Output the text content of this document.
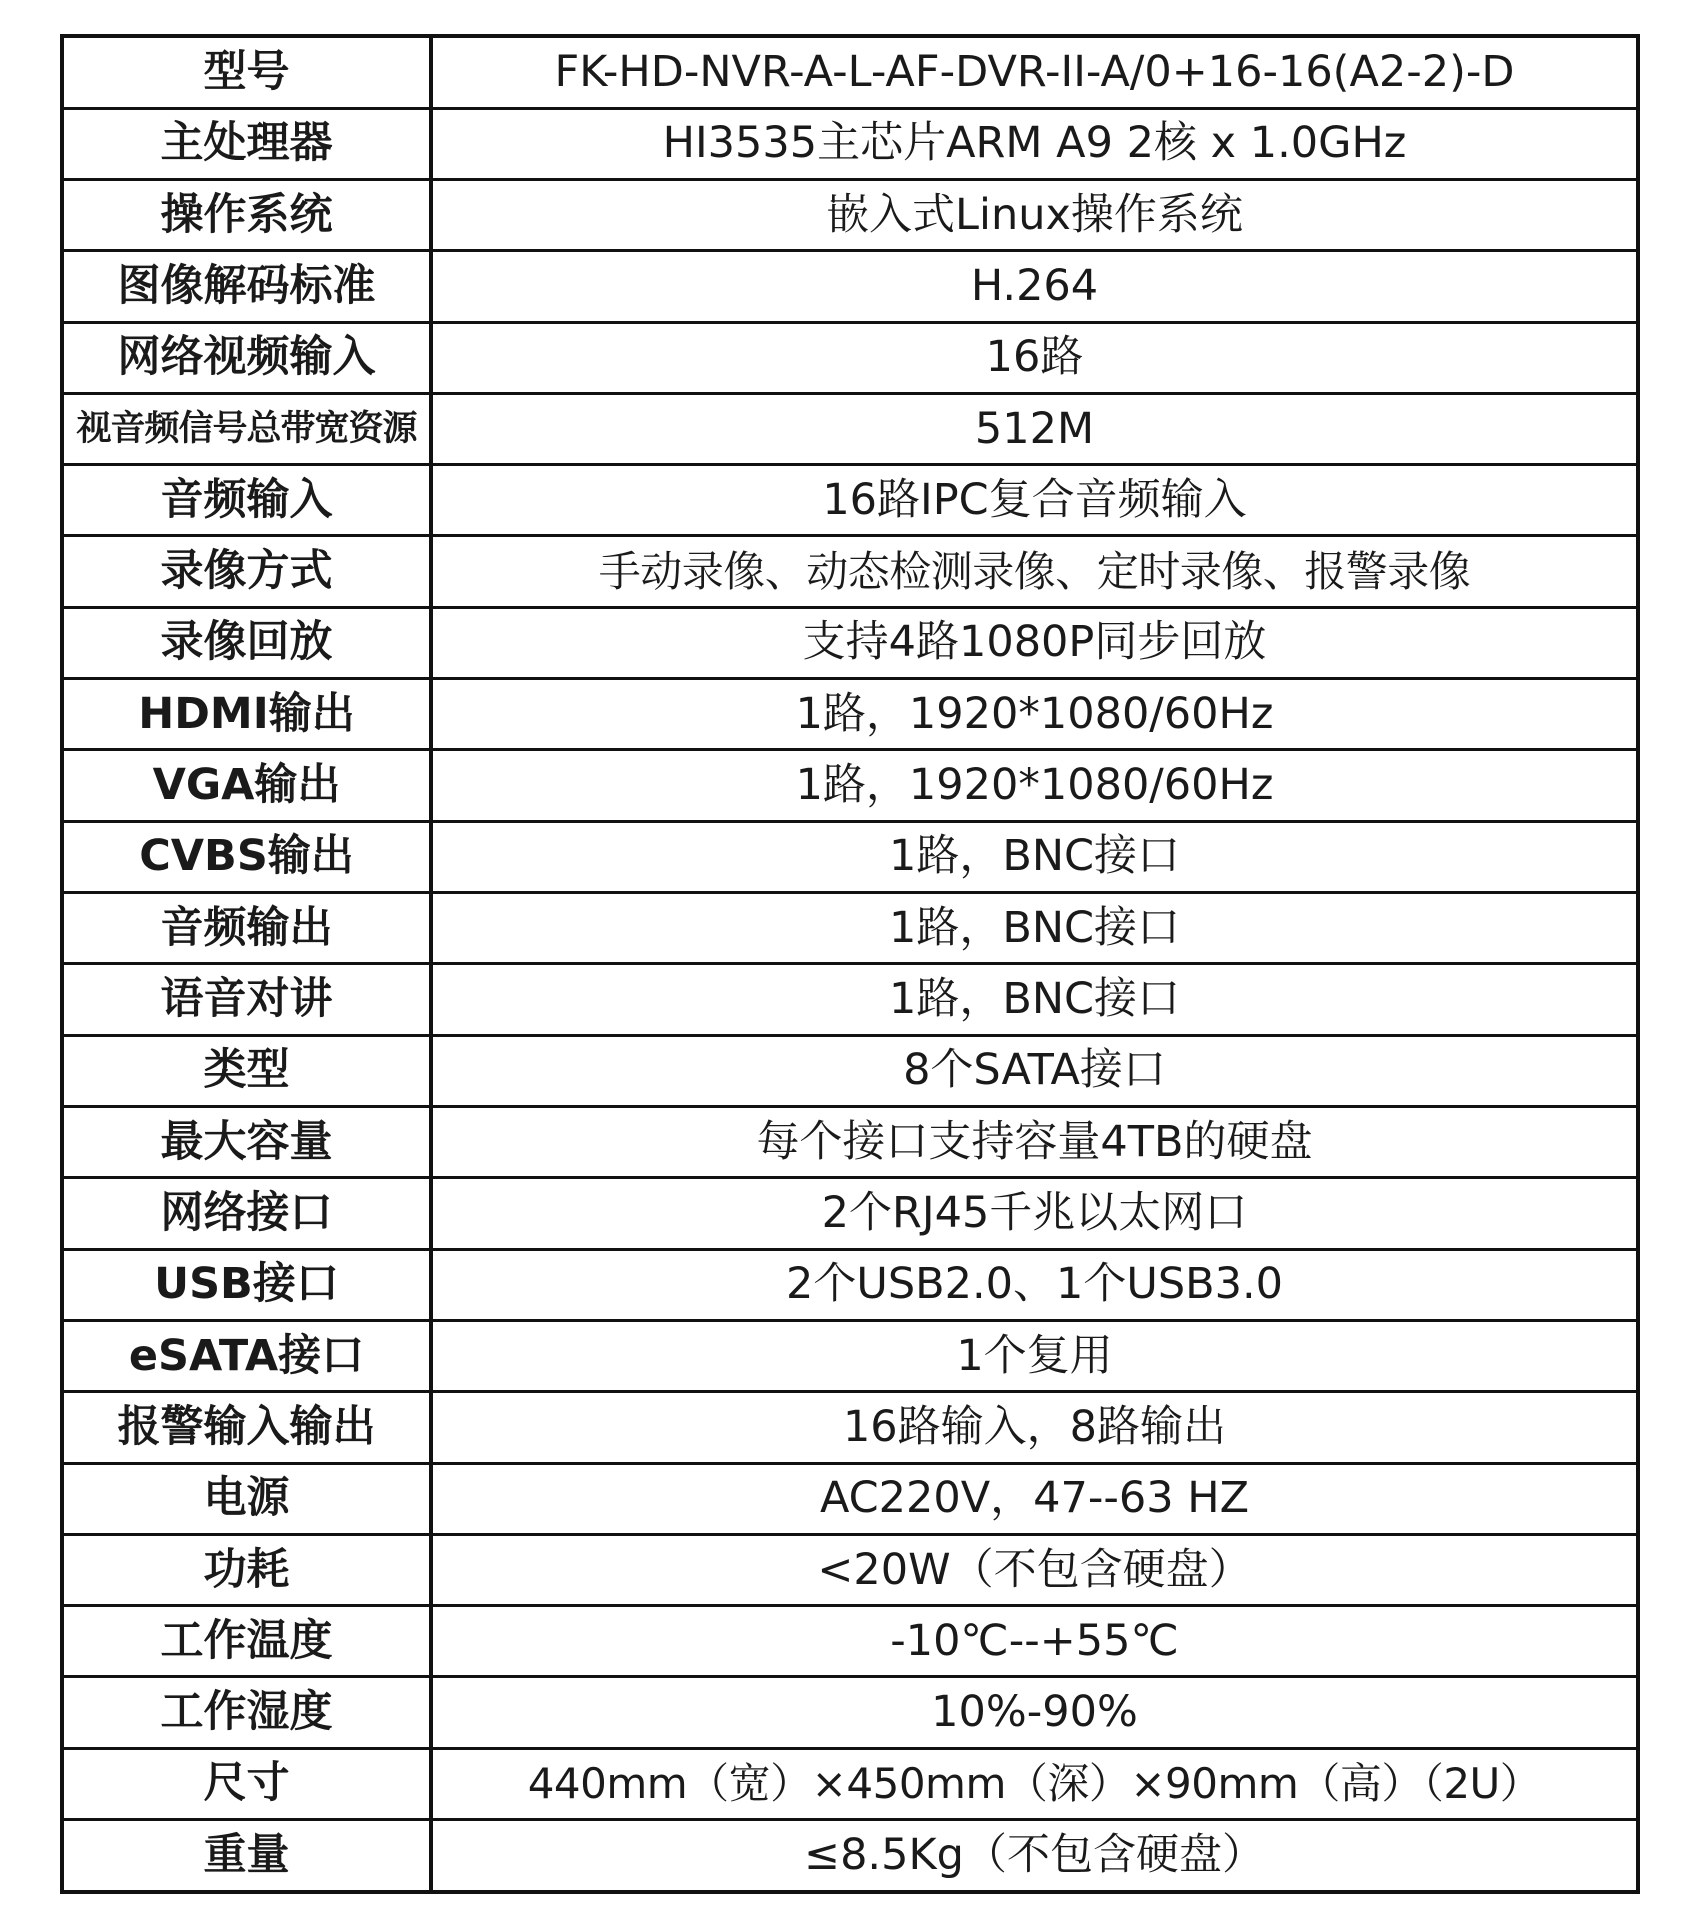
型号	FK-HD-NVR-A-L-AF-DVR-II-A/0+16-16(A2-2)-D
主处理器	HI3535主芯片ARM A9 2核 x 1.0GHz
操作系统	嵌入式Linux操作系统
图像解码标准	H.264
网络视频输入	16路
视音频信号总带宽资源	512M
音频输入	16路IPC复合音频输入
录像方式	手动录像、动态检测录像、定时录像、报警录像
录像回放	支持4路1080P同步回放
HDMI输出	1路，1920*1080/60Hz
VGA输出	1路，1920*1080/60Hz
CVBS输出	1路，BNC接口
音频输出	1路，BNC接口
语音对讲	1路，BNC接口
类型	8个SATA接口
最大容量	每个接口支持容量4TB的硬盘
网络接口	2个RJ45千兆以太网口
USB接口	2个USB2.0、1个USB3.0
eSATA接口	1个复用
报警输入输出	16路输入，8路输出
电源	AC220V，47--63 HZ
功耗	<20W（不包含硬盘）
工作温度	-10℃--+55℃
工作湿度	10%-90%
尺寸	440mm（宽）×450mm（深）×90mm（高）（2U）
重量	≤8.5Kg（不包含硬盘）
